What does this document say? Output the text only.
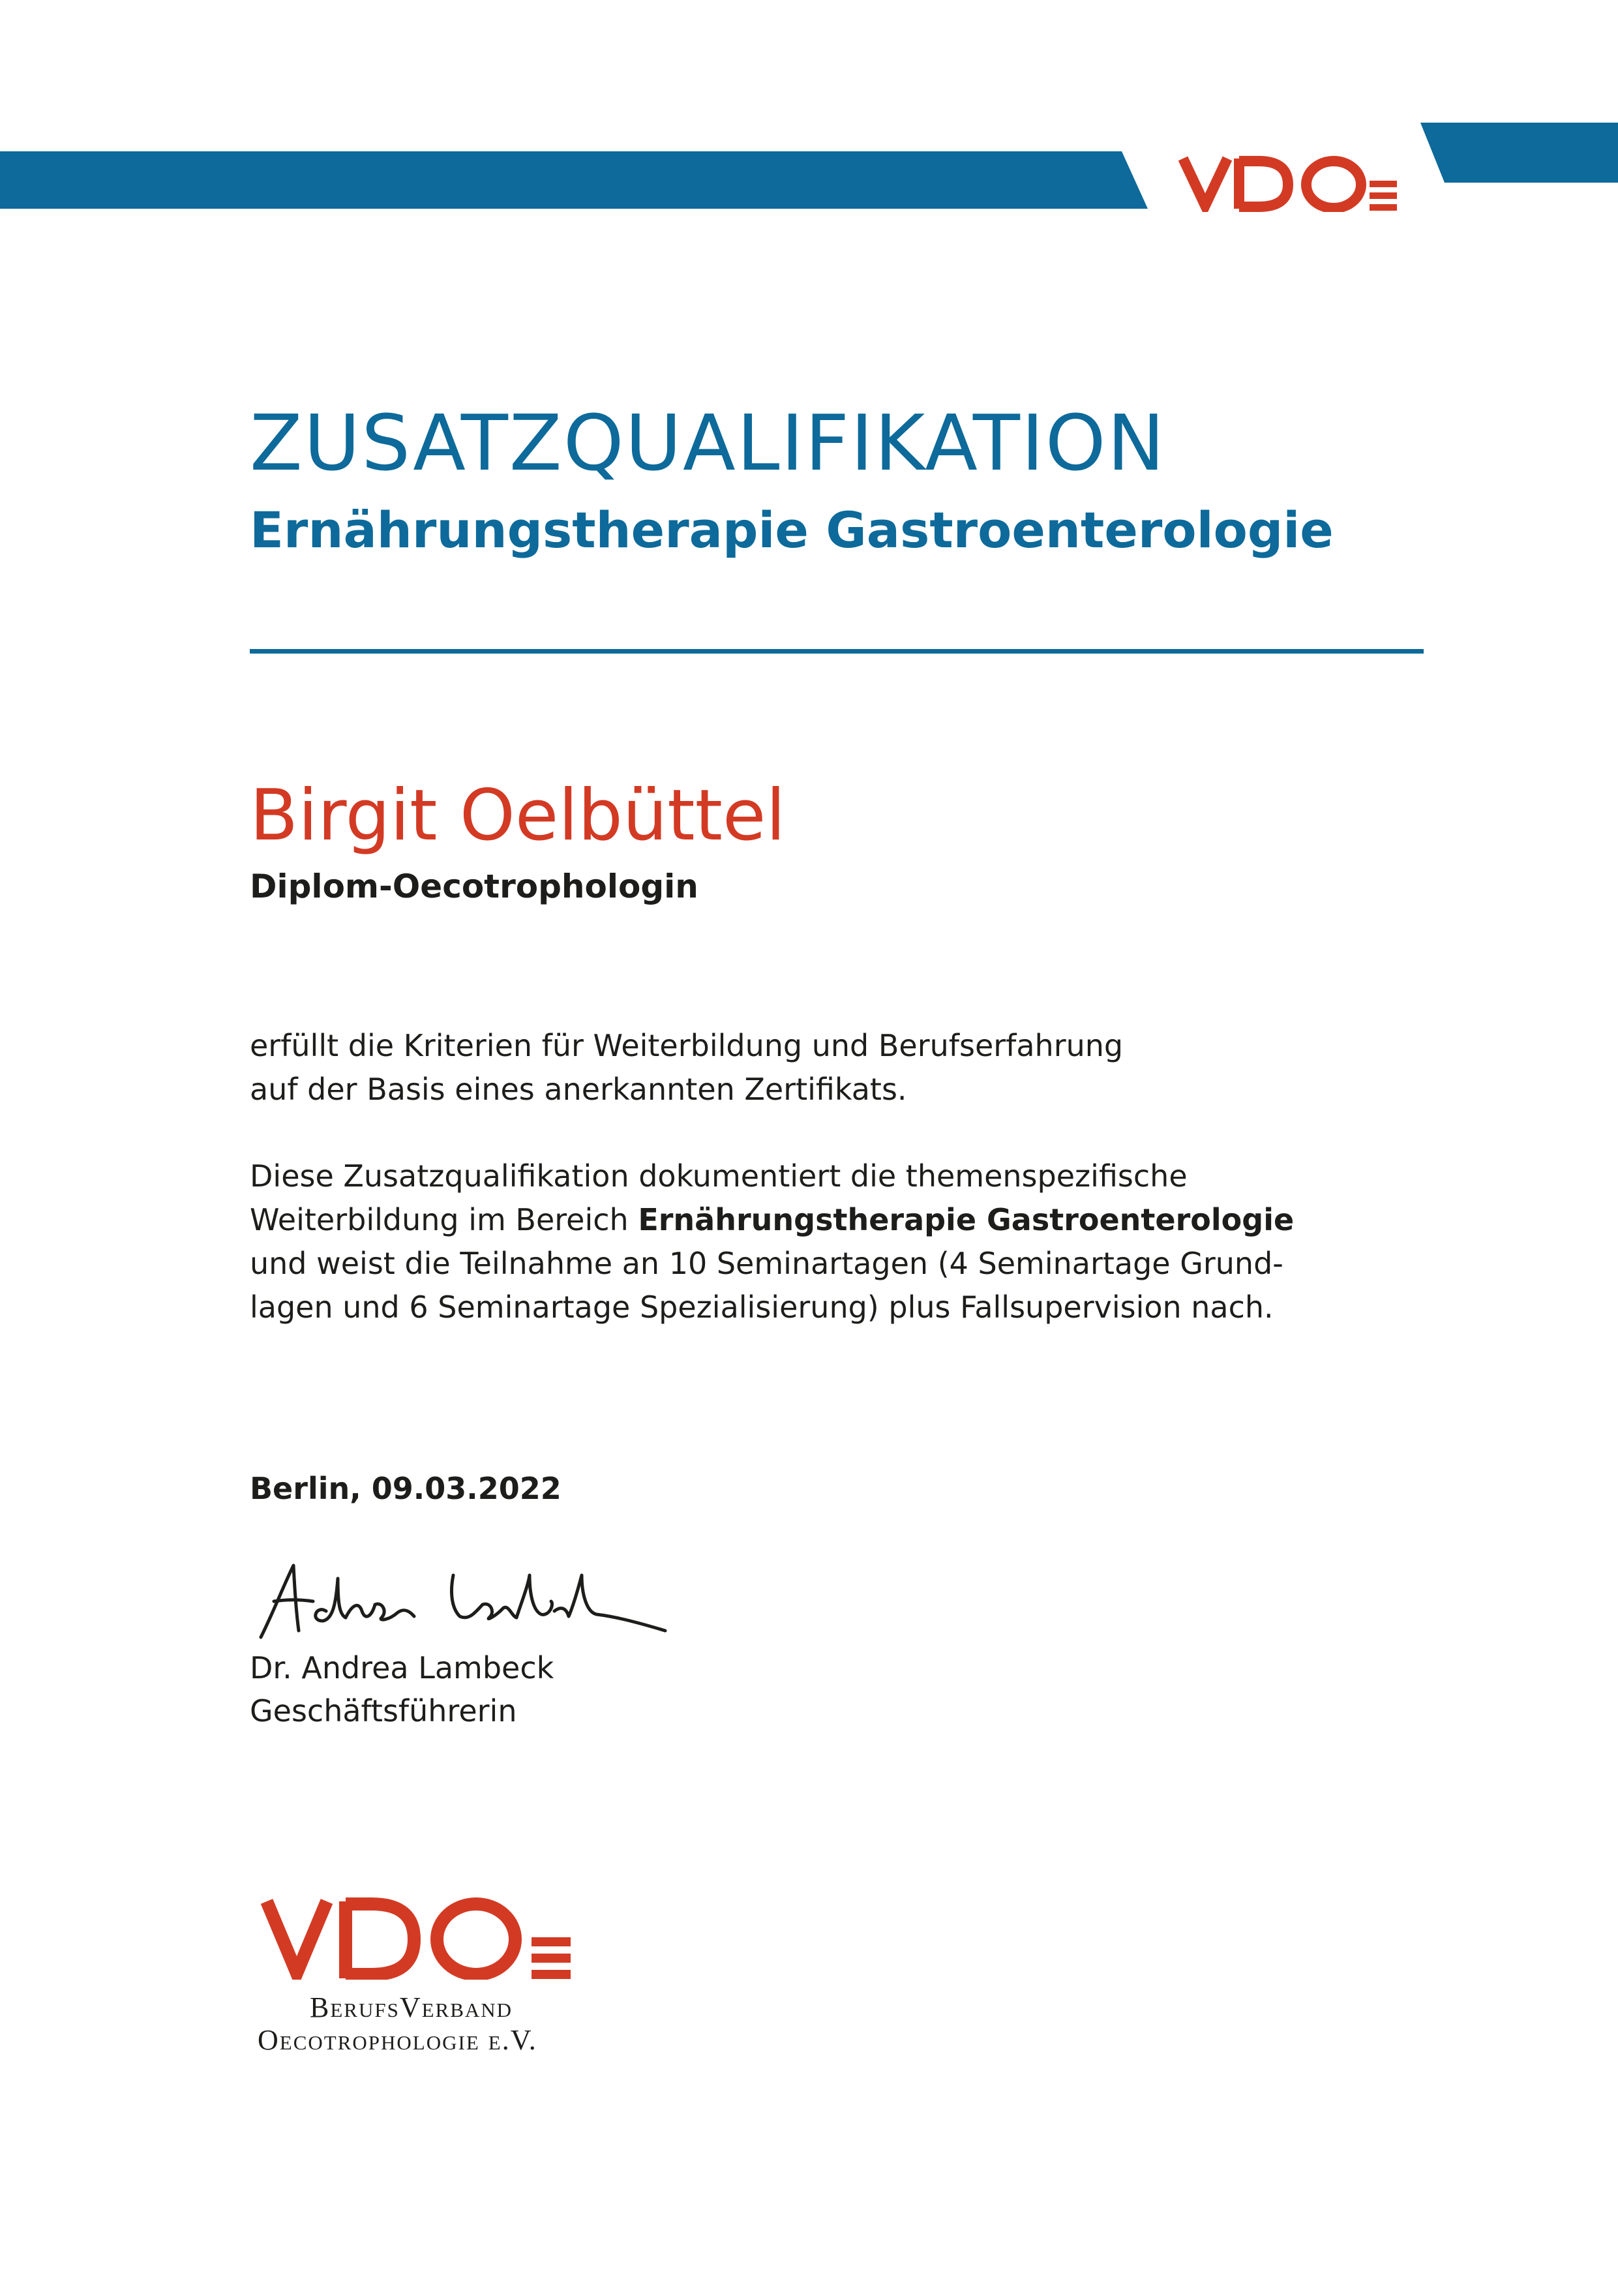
ZUSATZQUALIFIKATION
Ernährungstherapie Gastroenterologie
Birgit Oelbüttel
Diplom-Oecotrophologin
erfüllt die Kriterien für Weiterbildung und Berufserfahrung
auf der Basis eines anerkannten Zertifikats.
Diese Zusatzqualifikation dokumentiert die themenspezifische
Weiterbildung im Bereich Ernährungstherapie Gastroenterologie
und weist die Teilnahme an 10 Seminartagen (4 Seminartage Grund-
lagen und 6 Seminartage Spezialisierung) plus Fallsupervision nach.
Berlin, 09.03.2022
Dr. Andrea Lambeck
Geschäftsführerin
BerufsVerband
Oecotrophologie e.V.
